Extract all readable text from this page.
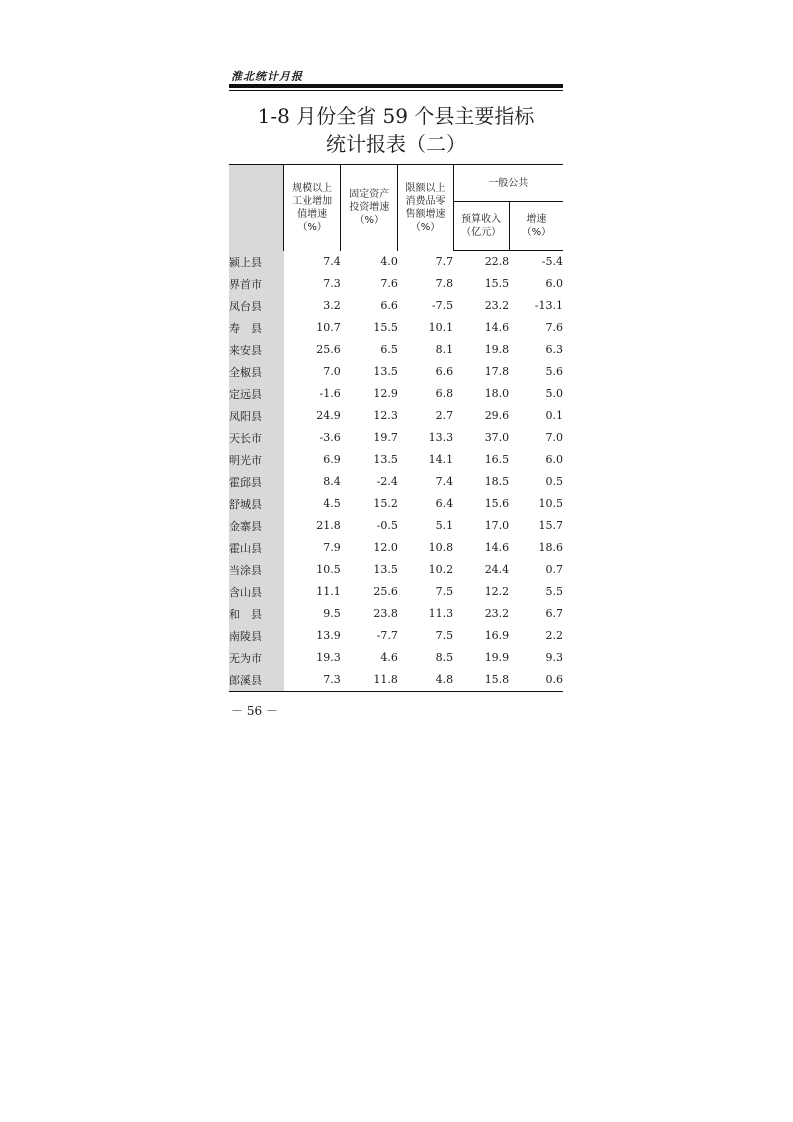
淮北统计月报
1-8 月份全省 59 个县主要指标
统计报表（二）
	规模以上
工业增加
值增速
（%）	固定资产
投资增速
（%）	限额以上
消费品零
售额增速
（%）	一般公共	
				预算收入
（亿元）	增速
（%）
颍上县	7.4	4.0	7.7	22.8	-5.4
界首市	7.3	7.6	7.8	15.5	6.0
凤台县	3.2	6.6	-7.5	23.2	-13.1
寿　县	10.7	15.5	10.1	14.6	7.6
来安县	25.6	6.5	8.1	19.8	6.3
全椒县	7.0	13.5	6.6	17.8	5.6
定远县	-1.6	12.9	6.8	18.0	5.0
凤阳县	24.9	12.3	2.7	29.6	0.1
天长市	-3.6	19.7	13.3	37.0	7.0
明光市	6.9	13.5	14.1	16.5	6.0
霍邱县	8.4	-2.4	7.4	18.5	0.5
舒城县	4.5	15.2	6.4	15.6	10.5
金寨县	21.8	-0.5	5.1	17.0	15.7
霍山县	7.9	12.0	10.8	14.6	18.6
当涂县	10.5	13.5	10.2	24.4	0.7
含山县	11.1	25.6	7.5	12.2	5.5
和　县	9.5	23.8	11.3	23.2	6.7
南陵县	13.9	-7.7	7.5	16.9	2.2
无为市	19.3	4.6	8.5	19.9	9.3
郎溪县	7.3	11.8	4.8	15.8	0.6
－ 56 －
